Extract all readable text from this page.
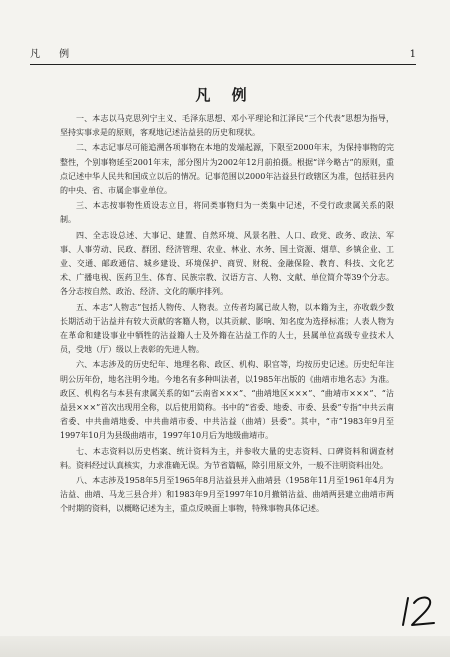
凡 例	1
凡 例

一、本志以马克思列宁主义、毛泽东思想、邓小平理论和江泽民“三个代表”思想为指导，坚持实事求是的原则，客观地记述沾益县的历史和现状。

二、本志记事尽可能追溯各项事物在本地的发端起源，下限至2000年末，为保持事物的完整性，个别事物延至2001年末，部分图片为2002年12月前拍摄。根据“详今略古”的原则，重点记述中华人民共和国成立以后的情况。记事范围以2000年沾益县行政辖区为准，包括驻县内的中央、省、市属企事业单位。

三、本志按事物性质设志立目，将同类事物归为一类集中记述，不受行政隶属关系的限制。

四、全志设总述、大事记、建置、自然环境、风景名胜、人口、政党、政务、政法、军事、人事劳动、民政、群团、经济管理、农业、林业、水务、国土资源、烟草、乡镇企业、工业、交通、邮政通信、城乡建设、环境保护、商贸、财税、金融保险、教育、科技、文化艺术、广播电视、医药卫生、体育、民族宗教、汉语方言、人物、文献、单位简介等39个分志。各分志按自然、政治、经济、文化的顺序排列。

五、本志“人物志”包括人物传、人物表。立传者均属已故人物，以本籍为主，亦收载少数长期活动于沾益并有较大贡献的客籍人物，以其贡献、影响、知名度为选择标准；人表人物为在革命和建设事业中牺牲的沾益籍人士及外籍在沾益工作的人士，县属单位高级专业技术人员，受地（厅）级以上表彰的先进人物。

六、本志涉及的历史纪年、地理名称、政区、机构、职官等，均按历史记述。历史纪年注明公历年份，地名注明今地。今地名有多种叫法者，以1985年出版的《曲靖市地名志》为准。政区、机构名与本县有隶属关系的如“云南省×××”、“曲靖地区×××”、“曲靖市×××”、“沾益县×××”首次出现用全称，以后使用简称。书中的“省委、地委、市委、县委”专指“中共云南省委、中共曲靖地委、中共曲靖市委、中共沾益（曲靖）县委”。其中，“市”1983年9月至1997年10月为县级曲靖市，1997年10月后为地级曲靖市。

七、本志资料以历史档案、统计资料为主，并参收大量的史志资料、口碑资料和调查材料。资料经过认真核实，力求准确无误。为节省篇幅，除引用原文外，一般不注明资料出处。

八、本志涉及1958年5月至1965年8月沾益县并入曲靖县（1958年11月至1961年4月为沾益、曲靖、马龙三县合并）和1983年9月至1997年10月撤销沾益、曲靖两县建立曲靖市两个时期的资料，以概略记述为主，重点反映面上事物，特殊事物具体记述。
